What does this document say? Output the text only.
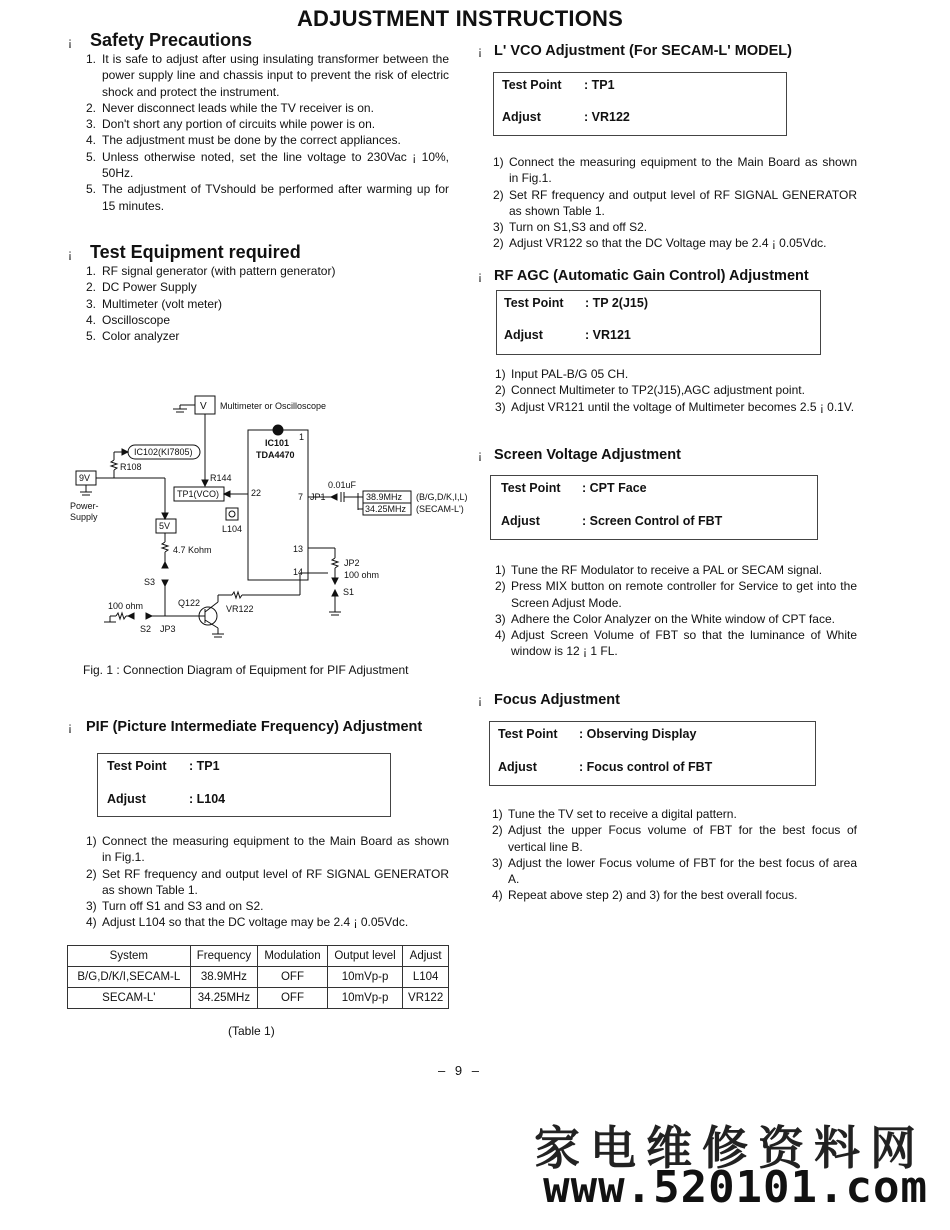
ADJUSTMENT INSTRUCTIONS
¡ Safety Precautions
1. It is safe to adjust after using insulating transformer between the power supply line and chassis input to prevent the risk of electric shock and protect the instrument.
2. Never disconnect leads while the TV receiver is on.
3. Don't short any portion of circuits while power is on.
4. The adjustment must be done by the correct appliances.
5. Unless otherwise noted, set the line voltage to 230Vac ¡ 10%, 50Hz.
5. The adjustment of TVshould be performed after warming up for 15 minutes.
¡ Test Equipment required
1. RF signal generator (with pattern generator)
2. DC Power Supply
3. Multimeter (volt meter)
4. Oscilloscope
5. Color analyzer
V Multimeter or Oscilloscope
IC101
TDA4470
1
22	7
13
14
IC102(KI7805)
R108
R144
9V
Power-
Supply
TP1(VCO)
L104
5V
4.7 Kohm
S3
Q122
VR122
100 ohm
S2 JP3
0.01uF
JP1	38.9MHz
34.25MHz
(B/G,D/K,I,L)
(SECAM-L')
JP2
100 ohm
S1
Fig. 1 : Connection Diagram of Equipment for PIF Adjustment
¡ PIF (Picture Intermediate Frequency) Adjustment
Test Point : TP1
Adjust	: L104
1) Connect the measuring equipment to the Main Board as shown in Fig.1.
2) Set RF frequency and output level of RF SIGNAL GENERATOR as shown Table 1.
3) Turn off S1 and S3 and on S2.
4) Adjust L104 so that the DC voltage may be 2.4 ¡ 0.05Vdc.
System	Frequency	Modulation	Output level	Adjust
B/G,D/K/I,SECAM-L	38.9MHz	OFF	10mVp-p	L104
SECAM-L'	34.25MHz	OFF	10mVp-p	VR122
(Table 1)
¡ L' VCO Adjustment (For SECAM-L' MODEL)
Test Point : TP1
Adjust	: VR122
1) Connect the measuring equipment to the Main Board as shown in Fig.1.
2) Set RF frequency and output level of RF SIGNAL GENERATOR as shown Table 1.
3) Turn on S1,S3 and off S2.
2) Adjust VR122 so that the DC Voltage may be 2.4 ¡ 0.05Vdc.
¡ RF AGC (Automatic Gain Control) Adjustment
Test Point : TP 2(J15)
Adjust	: VR121
1) Input PAL-B/G 05 CH.
2) Connect Multimeter to TP2(J15),AGC adjustment point.
3) Adjust VR121 until the voltage of Multimeter becomes 2.5 ¡ 0.1V.
¡ Screen Voltage Adjustment
Test Point : CPT Face
Adjust	: Screen Control of FBT
1) Tune the RF Modulator to receive a PAL or SECAM signal.
2) Press MIX button on remote controller for Service to get into the Screen Adjust Mode.
3) Adhere the Color Analyzer on the White window of CPT face.
4) Adjust Screen Volume of FBT so that the luminance of White window is 12 ¡ 1 FL.
¡ Focus Adjustment
Test Point : Observing Display
Adjust	: Focus control of FBT
1) Tune the TV set to receive a digital pattern.
2) Adjust the upper Focus volume of FBT for the best focus of vertical line B.
3) Adjust the lower Focus volume of FBT for the best focus of area A.
4) Repeat above step 2) and 3) for the best overall focus.
– 9 –
家电维修资料网
www.520101.com
